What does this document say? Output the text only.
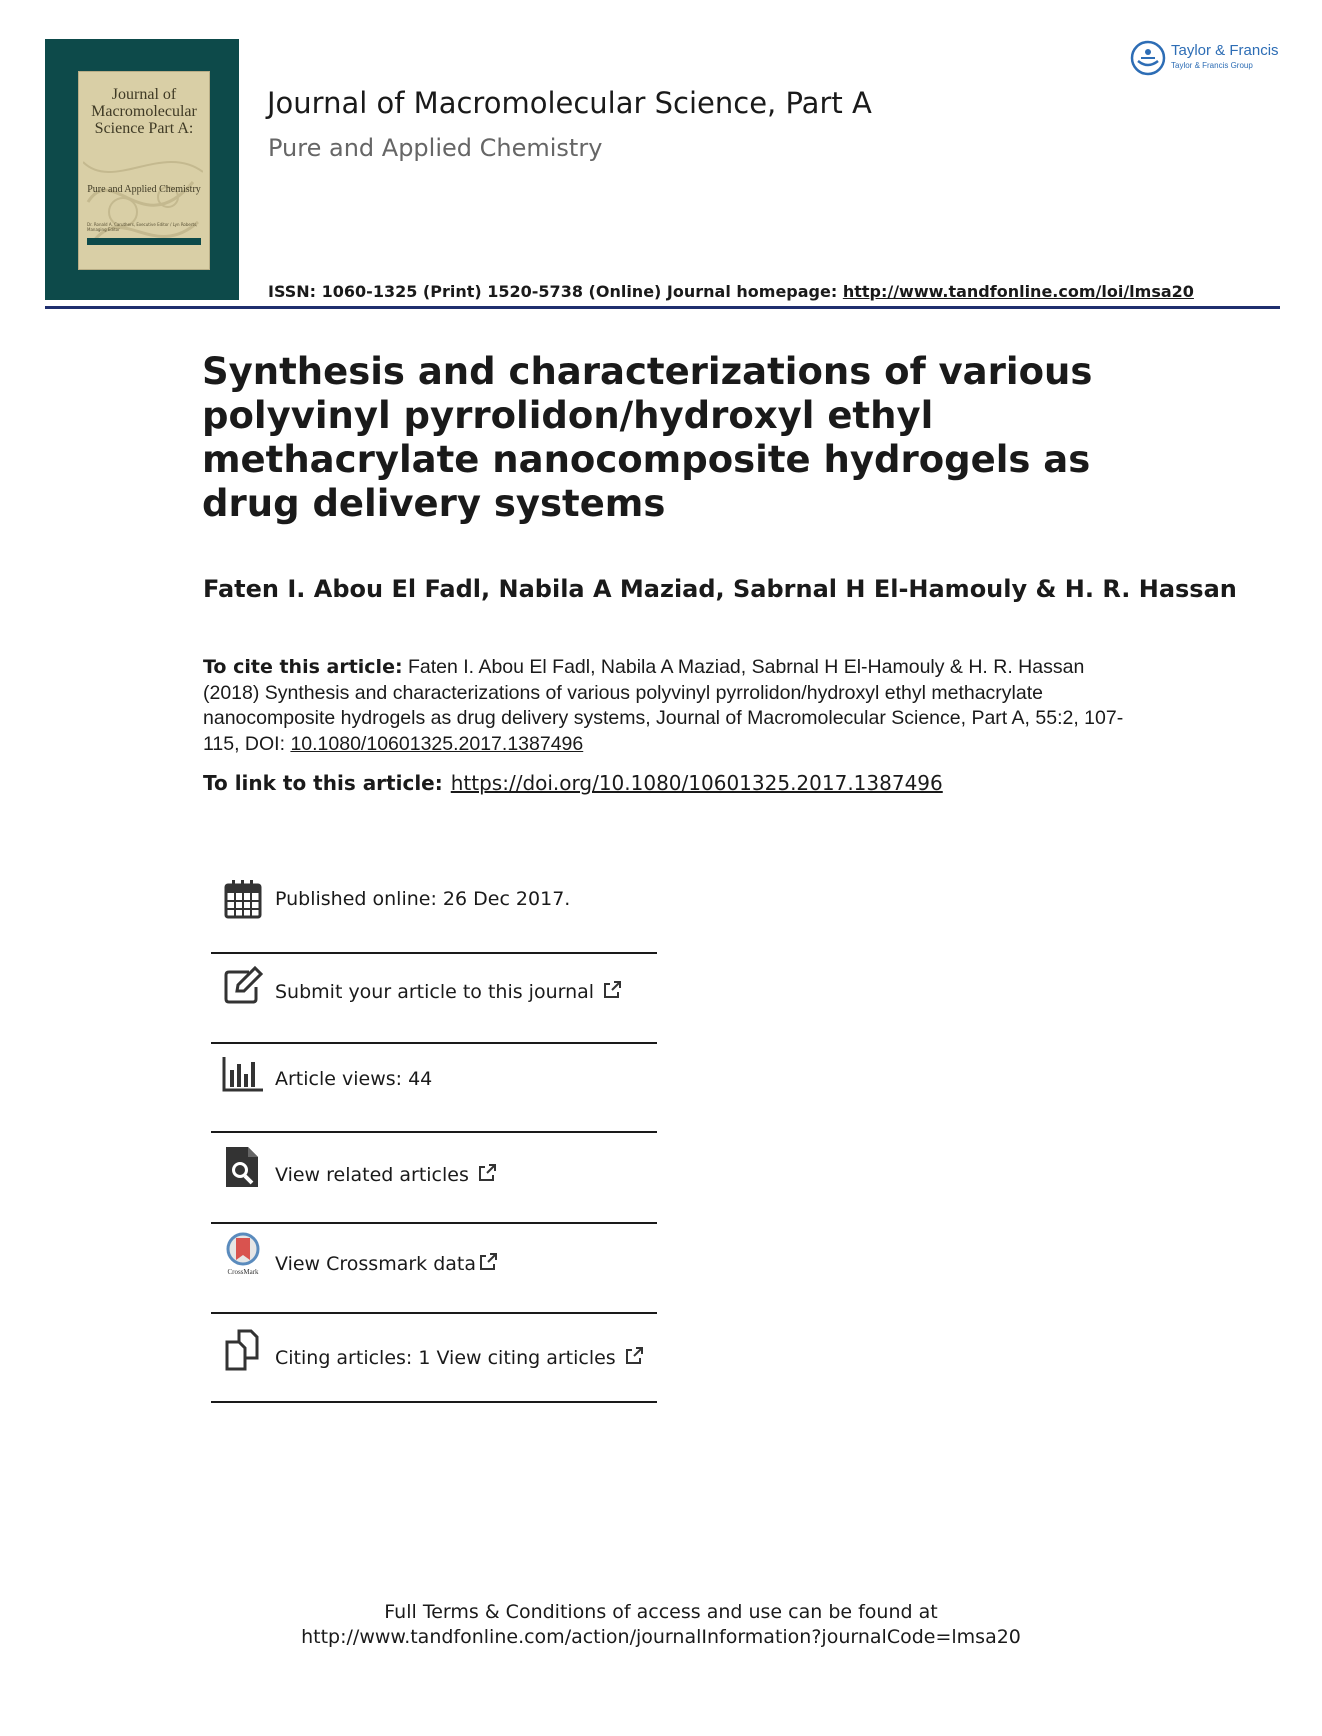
Journal of Macromolecular Science Part A:
Pure and Applied Chemistry
Dr. Ronald A. Caruthers, Executive Editor / Lyn Roberts, Managing Editor
Journal of Macromolecular Science, Part A
Pure and Applied Chemistry
ISSN: 1060-1325 (Print) 1520-5738 (Online) Journal homepage: http://www.tandfonline.com/loi/lmsa20
Taylor & Francis
Taylor & Francis Group
Synthesis and characterizations of various polyvinyl pyrrolidon/hydroxyl ethyl methacrylate nanocomposite hydrogels as drug delivery systems
Faten I. Abou El Fadl, Nabila A Maziad, Sabrnal H El-Hamouly & H. R. Hassan
To cite this article: Faten I. Abou El Fadl, Nabila A Maziad, Sabrnal H El-Hamouly & H. R. Hassan (2018) Synthesis and characterizations of various polyvinyl pyrrolidon/hydroxyl ethyl methacrylate nanocomposite hydrogels as drug delivery systems, Journal of Macromolecular Science, Part A, 55:2, 107-115, DOI: 10.1080/10601325.2017.1387496
To link to this article: https://doi.org/10.1080/10601325.2017.1387496
Published online: 26 Dec 2017.
Submit your article to this journal
Article views: 44
View related articles
CrossMark View Crossmark data
Citing articles: 1 View citing articles
Full Terms & Conditions of access and use can be found at
http://www.tandfonline.com/action/journalInformation?journalCode=lmsa20
